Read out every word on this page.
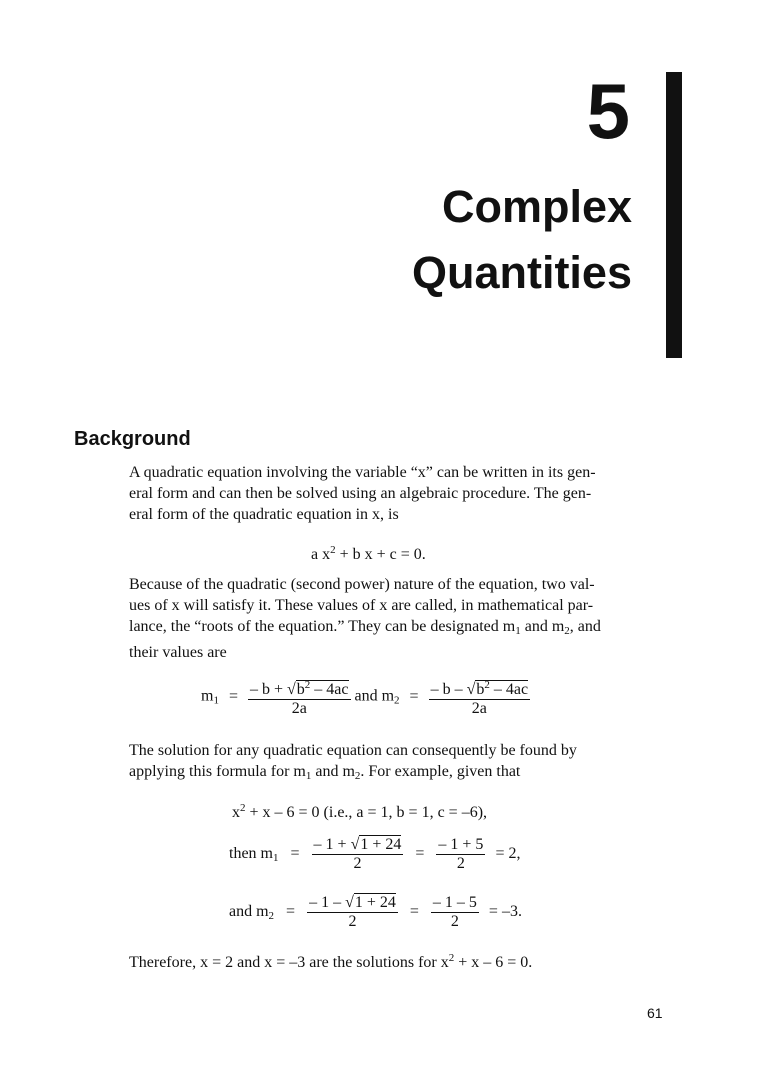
5
Complex
Quantities
Background
A quadratic equation involving the variable “x” can be written in its gen-
eral form and can then be solved using an algebraic procedure. The gen-
eral form of the quadratic equation in x, is
a $x^2 + b$ x + c = 0.
Because of the quadratic (second power) nature of the equation, two val-
ues of x will satisfy it. These values of x are called, in mathematical par-
lance, the “roots of the equation.” They can be designated $m_1$ and $m_2$, and
their values are
$m_1 = \frac{- b + √b^2 - 4ac}{2a}$ and $m_2 = \frac{- b - √b^2 - 4ac}{2a}$
The solution for any quadratic equation can consequently be found by
applying this formula for $m_1$ and $m_2$. For example, given that
$x^2 + x - 6 = 0$ (i.e., a = 1, b = 1, c = –6),
then $m_1 = \frac{- 1 + √1 + 24}{2} = \frac{- 1 + 5}{2} = 2$,
and $m_2 = \frac{- 1 - √1 + 24}{2} = \frac{- 1 - 5}{2} = -3$.
Therefore, x = 2 and x = –3 are the solutions for $x^2 + x - 6 = 0$.
61
